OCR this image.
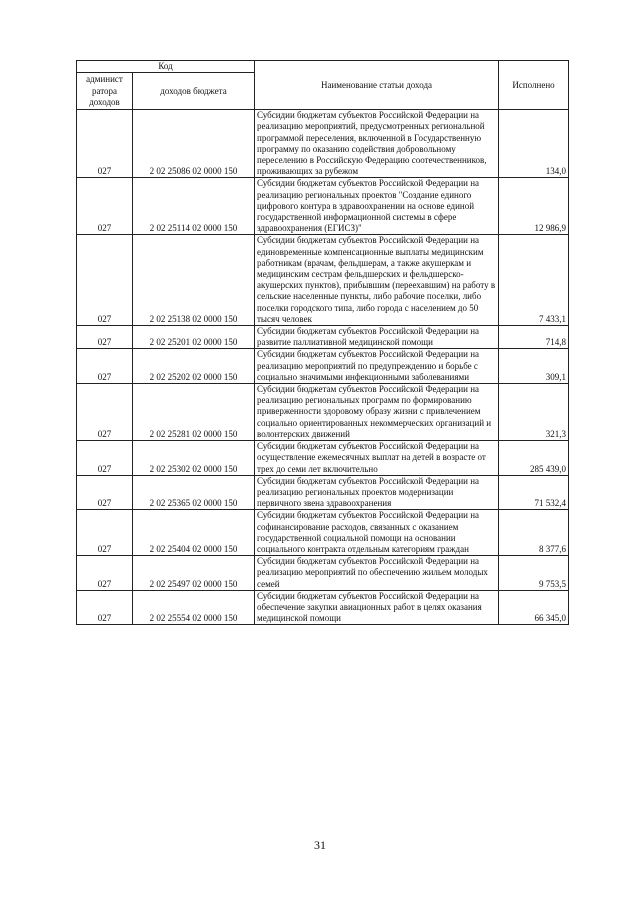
Код		Наименование статьи дохода	Исполнено
админист ратора доходов	доходов бюджета		
027	2 02 25086 02 0000 150	Субсидии бюджетам субъектов Российской Федерации на реализацию мероприятий, предусмотренных региональной программой переселения, включенной в Государственную программу по оказанию содействия добровольному переселению в Российскую Федерацию соотечественников, проживающих за рубежом	134,0
027	2 02 25114 02 0000 150	Субсидии бюджетам субъектов Российской Федерации на реализацию региональных проектов "Создание единого цифрового контура в здравоохранении на основе единой государственной информационной системы в сфере здравоохранения (ЕГИСЗ)"	12 986,9
027	2 02 25138 02 0000 150	Субсидии бюджетам субъектов Российской Федерации на единовременные компенсационные выплаты медицинским работникам (врачам, фельдшерам, а также акушеркам и медицинским сестрам фельдшерских и фельдшерско-акушерских пунктов), прибывшим (переехавшим) на работу в сельские населенные пункты, либо рабочие поселки, либо поселки городского типа, либо города с населением до 50 тысяч человек	7 433,1
027	2 02 25201 02 0000 150	Субсидии бюджетам субъектов Российской Федерации на развитие паллиативной медицинской помощи	714,8
027	2 02 25202 02 0000 150	Субсидии бюджетам субъектов Российской Федерации на реализацию мероприятий по предупреждению и борьбе с социально значимыми инфекционными заболеваниями	309,1
027	2 02 25281 02 0000 150	Субсидии бюджетам субъектов Российской Федерации на реализацию региональных программ по формированию приверженности здоровому образу жизни с привлечением социально ориентированных некоммерческих организаций и волонтерских движений	321,3
027	2 02 25302 02 0000 150	Субсидии бюджетам субъектов Российской Федерации на осуществление ежемесячных выплат на детей в возрасте от трех до семи лет включительно	285 439,0
027	2 02 25365 02 0000 150	Субсидии бюджетам субъектов Российской Федерации на реализацию региональных проектов модернизации первичного звена здравоохранения	71 532,4
027	2 02 25404 02 0000 150	Субсидии бюджетам субъектов Российской Федерации на софинансирование расходов, связанных с оказанием государственной социальной помощи на основании социального контракта отдельным категориям граждан	8 377,6
027	2 02 25497 02 0000 150	Субсидии бюджетам субъектов Российской Федерации на реализацию мероприятий по обеспечению жильем молодых семей	9 753,5
027	2 02 25554 02 0000 150	Субсидии бюджетам субъектов Российской Федерации на обеспечение закупки авиационных работ в целях оказания медицинской помощи	66 345,0
31
